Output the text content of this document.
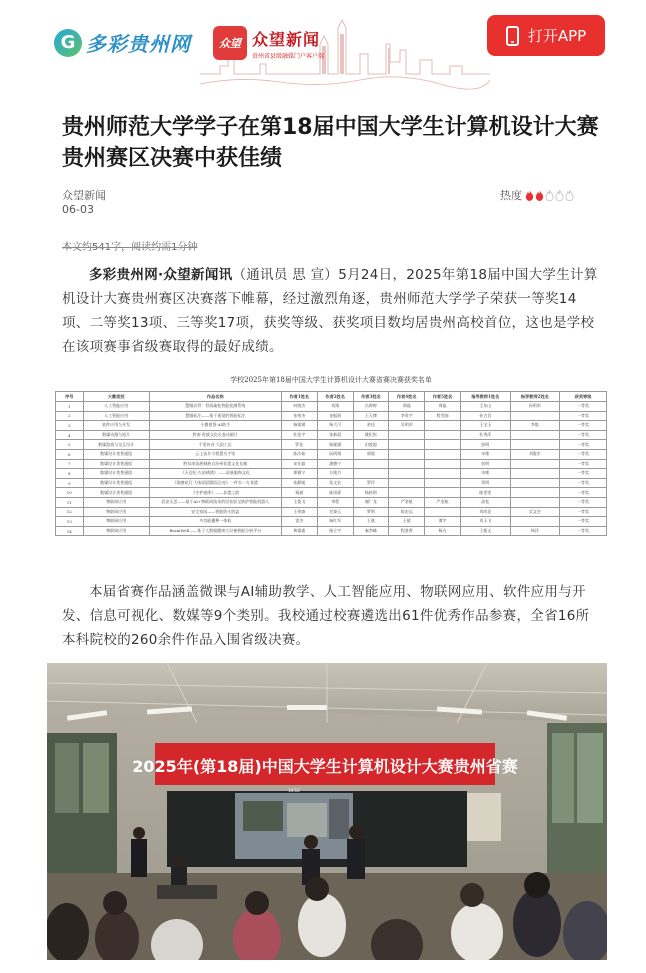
G 多彩贵州网	众望 众望新闻
贵州省县级融媒门户客户端
打开APP
贵州师范大学学子在第18届中国大学生计算机设计大赛贵州赛区决赛中获佳绩
众望新闻
06-03
热度
本文约541字，阅读约需1分钟

多彩贵州网·众望新闻讯（通讯员 思 宣）5月24日，2025年第18届中国大学生计算机设计大赛贵州赛区决赛落下帷幕，经过激烈角逐，贵州师范大学学子荣获一等奖14项、二等奖13项、三等奖17项，获奖等级、获奖项目数均居贵州高校首位，这也是学校在该项赛事省级赛取得的最好成绩。

学校2025年第18届中国大学生计算机设计大赛省赛决赛获奖名单
序号	大赛类别	作品名称	作者1姓名	作者2姓名	作者3姓名	作者4姓名	作者5姓名	指导教师1姓名	指导教师2姓名	获奖等级
1	人工智能应用	慧眼识骨：骨质疏松智能检测系统	何晓杰	刘翔	冯婷婷	邢磊	周磊	王东山	孙明翠	一等奖
2	人工智能应用	慧眼标注——基于视觉的智能标注	张伟杰	金振海	王天博	李贵宇	程雪刚	孙吉君		一等奖
3	软件应用与开发	小微借贷·AI助手	杨霖涵	杨大可	余佳	吴明翠		王宝玉	李俊	一等奖
4	数媒动漫与短片	黔南·贵族文化长卷动画片	杜佳宇	张新晨	姚纪彤			杜秀萍		一等奖
5	数媒游戏与交互设计	千里传音·大国工匠	罗佳	杨霖涵	田俊超			彭明		一等奖
6	数媒设计类普通组	云上苗乡与智慧巧手馆	陈沙茹	阮明翔	邢媛			申维	刘俊军	一等奖
7	数媒设计类普通组	黔东南苗族侗族自治州非遗文化长廊	宋仕叡	潘德宁				彭明		一等奖
8	数媒设计类普通组	《天仓纪·古苗绣谱》——苗族服饰文化	郑雅宁	方奥月				申维		一等奖
9	数媒设计类普通组	《侗寨花灯·为家国团圆而点亮》一件衣一方非遗	张静媛	张文宏	罗玲			窦明		一等奖
10	数媒设计类普通组	《守护夜郎》——非遗之韵	杨斌	陈雨霏	杨梓琪			陈雯雯		一等奖
11	物联网应用	居安无恙——基于AI+物联网技术的居家安全防护智能机器人	王俊飞	李程	谢广龙	严金航	严金航	高松		一等奖
12	物联网应用	安全家园——智能防火防盗	王余森	毛泰云	罗明	陈宏远		刘尚昆	吴文会	一等奖
13	物联网应用	多功能播种一体机	雷杰	杨红军	王斌	王斌	谭宇	刘玉飞		一等奖
14	物联网应用	BrainWell——基于大数据健康大设备智能分析平台	黄霜霜	杨立宇	秦李峰	程贤香	杨丸	王都文	杨洋	一等奖

本届省赛作品涵盖微课与AI辅助教学、人工智能应用、物联网应用、软件应用与开发、信息可视化、数媒等9个类别。我校通过校赛遴选出61件优秀作品参赛，全省16所本科院校的260余件作品入围省级决赛。

2025年(第18届)中国大学生计算机设计大赛贵州省赛
14:12
